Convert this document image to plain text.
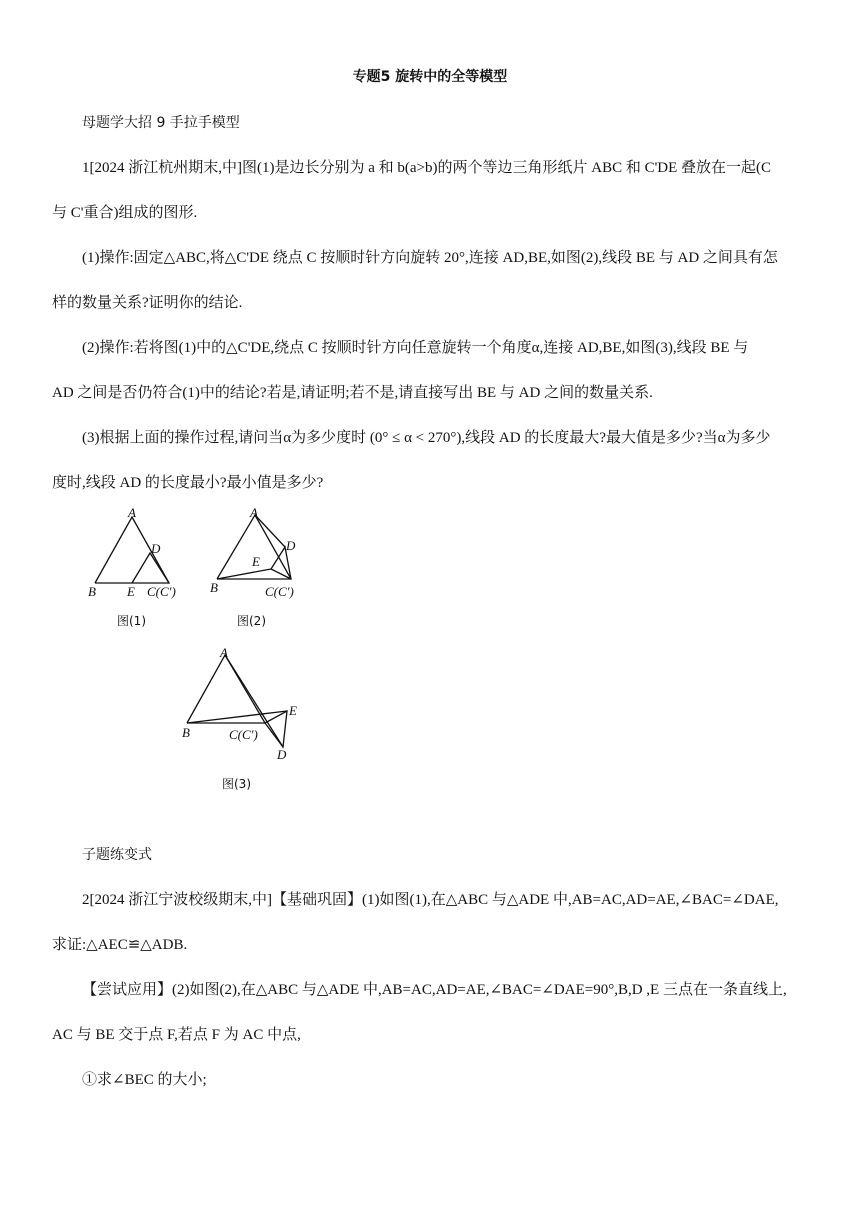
专题5 旋转中的全等模型
母题学大招 9 手拉手模型
1[2024 浙江杭州期末,中]图(1)是边长分别为 a 和 b(a>b)的两个等边三角形纸片 ABC 和 C'DE 叠放在一起(C
与 C'重合)组成的图形.
(1)操作:固定△ABC,将△C'DE 绕点 C 按顺时针方向旋转 20°,连接 AD,BE,如图(2),线段 BE 与 AD 之间具有怎
样的数量关系?证明你的结论.
(2)操作:若将图(1)中的△C'DE,绕点 C 按顺时针方向任意旋转一个角度α,连接 AD,BE,如图(3),线段 BE 与
AD 之间是否仍符合(1)中的结论?若是,请证明;若不是,请直接写出 BE 与 AD 之间的数量关系.
(3)根据上面的操作过程,请问当α为多少度时 (0° ≤ α < 270°),线段 AD 的长度最大?最大值是多少?当α为多少
度时,线段 AD 的长度最小?最小值是多少?
A
D
B E C(C')
图(1)
A
D
E
B	C(C')
图(2)
A
E
B	C(C')
D
图(3)
子题练变式
2[2024 浙江宁波校级期末,中]【基础巩固】(1)如图(1),在△ABC 与△ADE 中,AB=AC,AD=AE,∠BAC=∠DAE,
求证:△AEC≌△ADB.
【尝试应用】(2)如图(2),在△ABC 与△ADE 中,AB=AC,AD=AE,∠BAC=∠DAE=90°,B,D ,E 三点在一条直线上,
AC 与 BE 交于点 F,若点 F 为 AC 中点,
①求∠BEC 的大小;
